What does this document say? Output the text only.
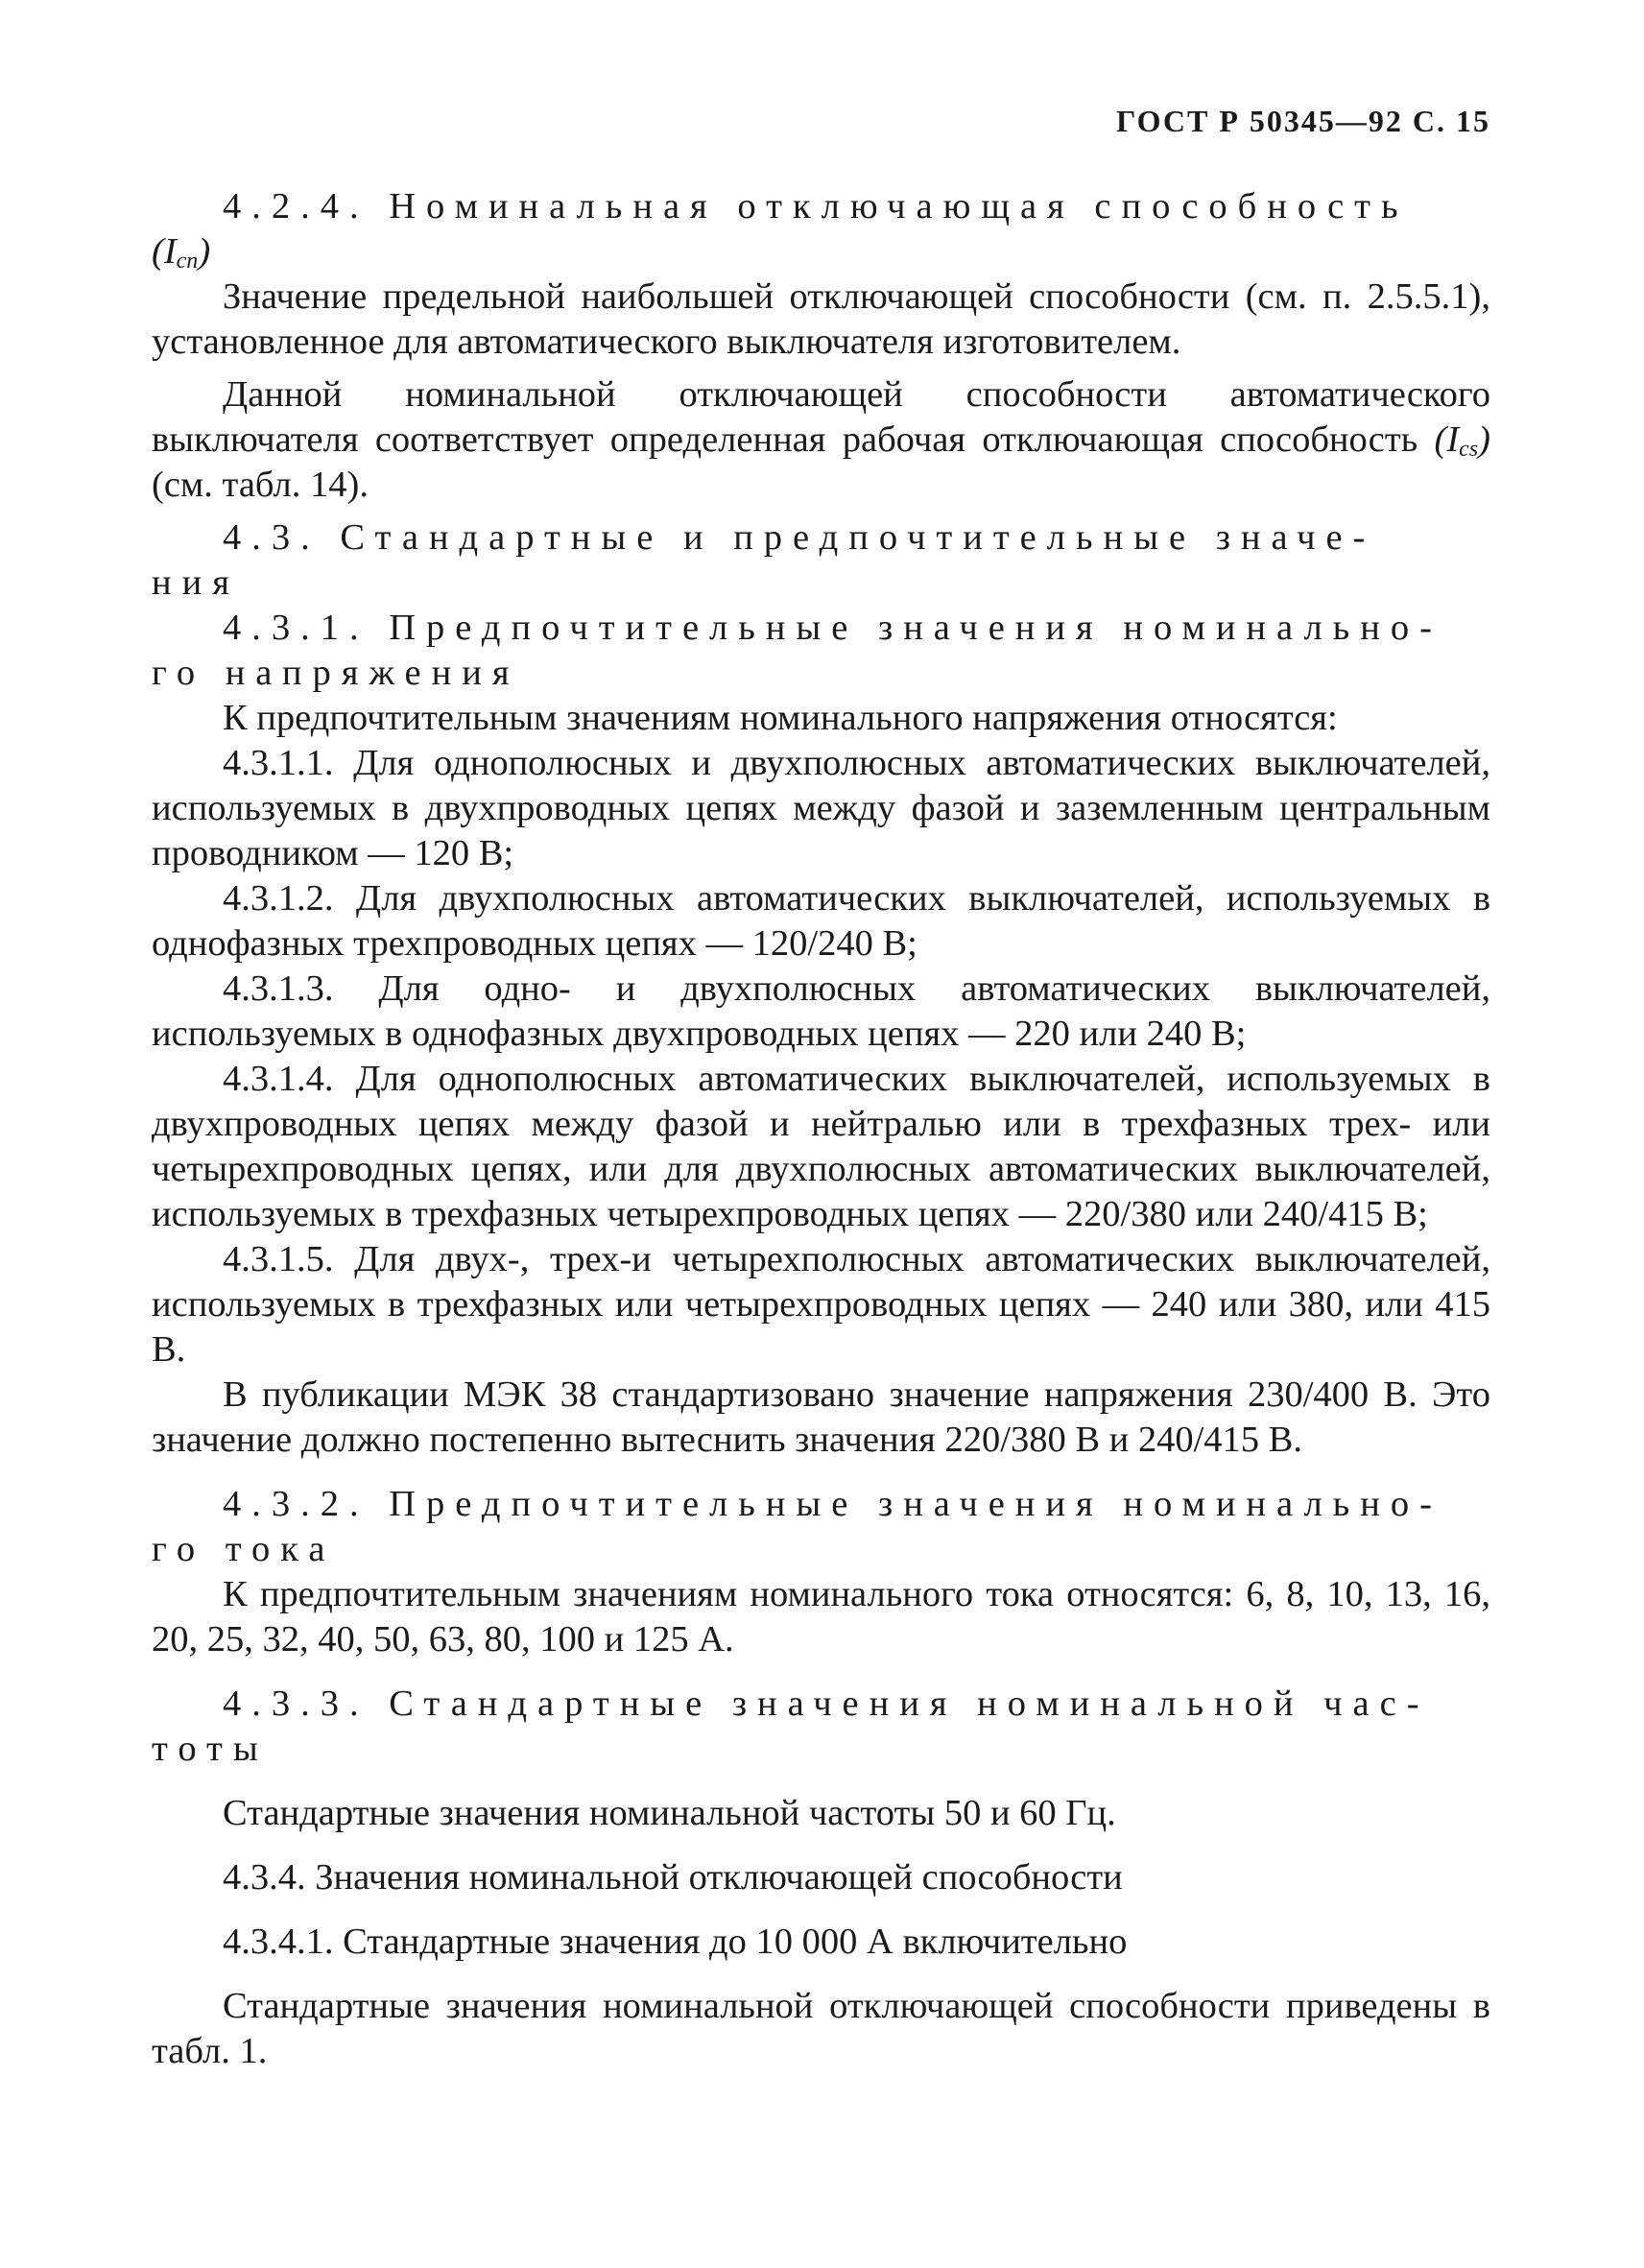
ГОСТ Р 50345—92 С. 15

4.2.4. Номинальная отключающая способность

$(I_{cn})$

Значение предельной наибольшей отключающей способности (см. п. 2.5.5.1), установленное для автоматического выключателя изготовителем.

Данной номинальной отключающей способности автоматического выключателя соответствует определенная рабочая отключающая способность $(I_{cs})$ (см. табл. 14).

4.3. Стандартные и предпочтительные значе-

ния

4.3.1. Предпочтительные значения номинально-

го напряжения

К предпочтительным значениям номинального напряжения относятся:

4.3.1.1. Для однополюсных и двухполюсных автоматических выключателей, используемых в двухпроводных цепях между фазой и заземленным центральным проводником — 120 В;

4.3.1.2. Для двухполюсных автоматических выключателей, используемых в однофазных трехпроводных цепях — 120/240 В;

4.3.1.3. Для одно- и двухполюсных автоматических выключателей, используемых в однофазных двухпроводных цепях — 220 или 240 В;

4.3.1.4. Для однополюсных автоматических выключателей, используемых в двухпроводных цепях между фазой и нейтралью или в трехфазных трех- или четырехпроводных цепях, или для двухполюсных автоматических выключателей, используемых в трехфазных четырехпроводных цепях — 220/380 или 240/415 В;

4.3.1.5. Для двух-, трех-и четырехполюсных автоматических выключателей, используемых в трехфазных или четырехпроводных цепях — 240 или 380, или 415 В.

В публикации МЭК 38 стандартизовано значение напряжения 230/400 В. Это значение должно постепенно вытеснить значения 220/380 В и 240/415 В.

4.3.2. Предпочтительные значения номинально-

го тока

К предпочтительным значениям номинального тока относятся: 6, 8, 10, 13, 16, 20, 25, 32, 40, 50, 63, 80, 100 и 125 А.

4.3.3. Стандартные значения номинальной час-

тоты

Стандартные значения номинальной частоты 50 и 60 Гц.

4.3.4. Значения номинальной отключающей способности

4.3.4.1. Стандартные значения до 10 000 А включительно

Стандартные значения номинальной отключающей способности приведены в табл. 1.
